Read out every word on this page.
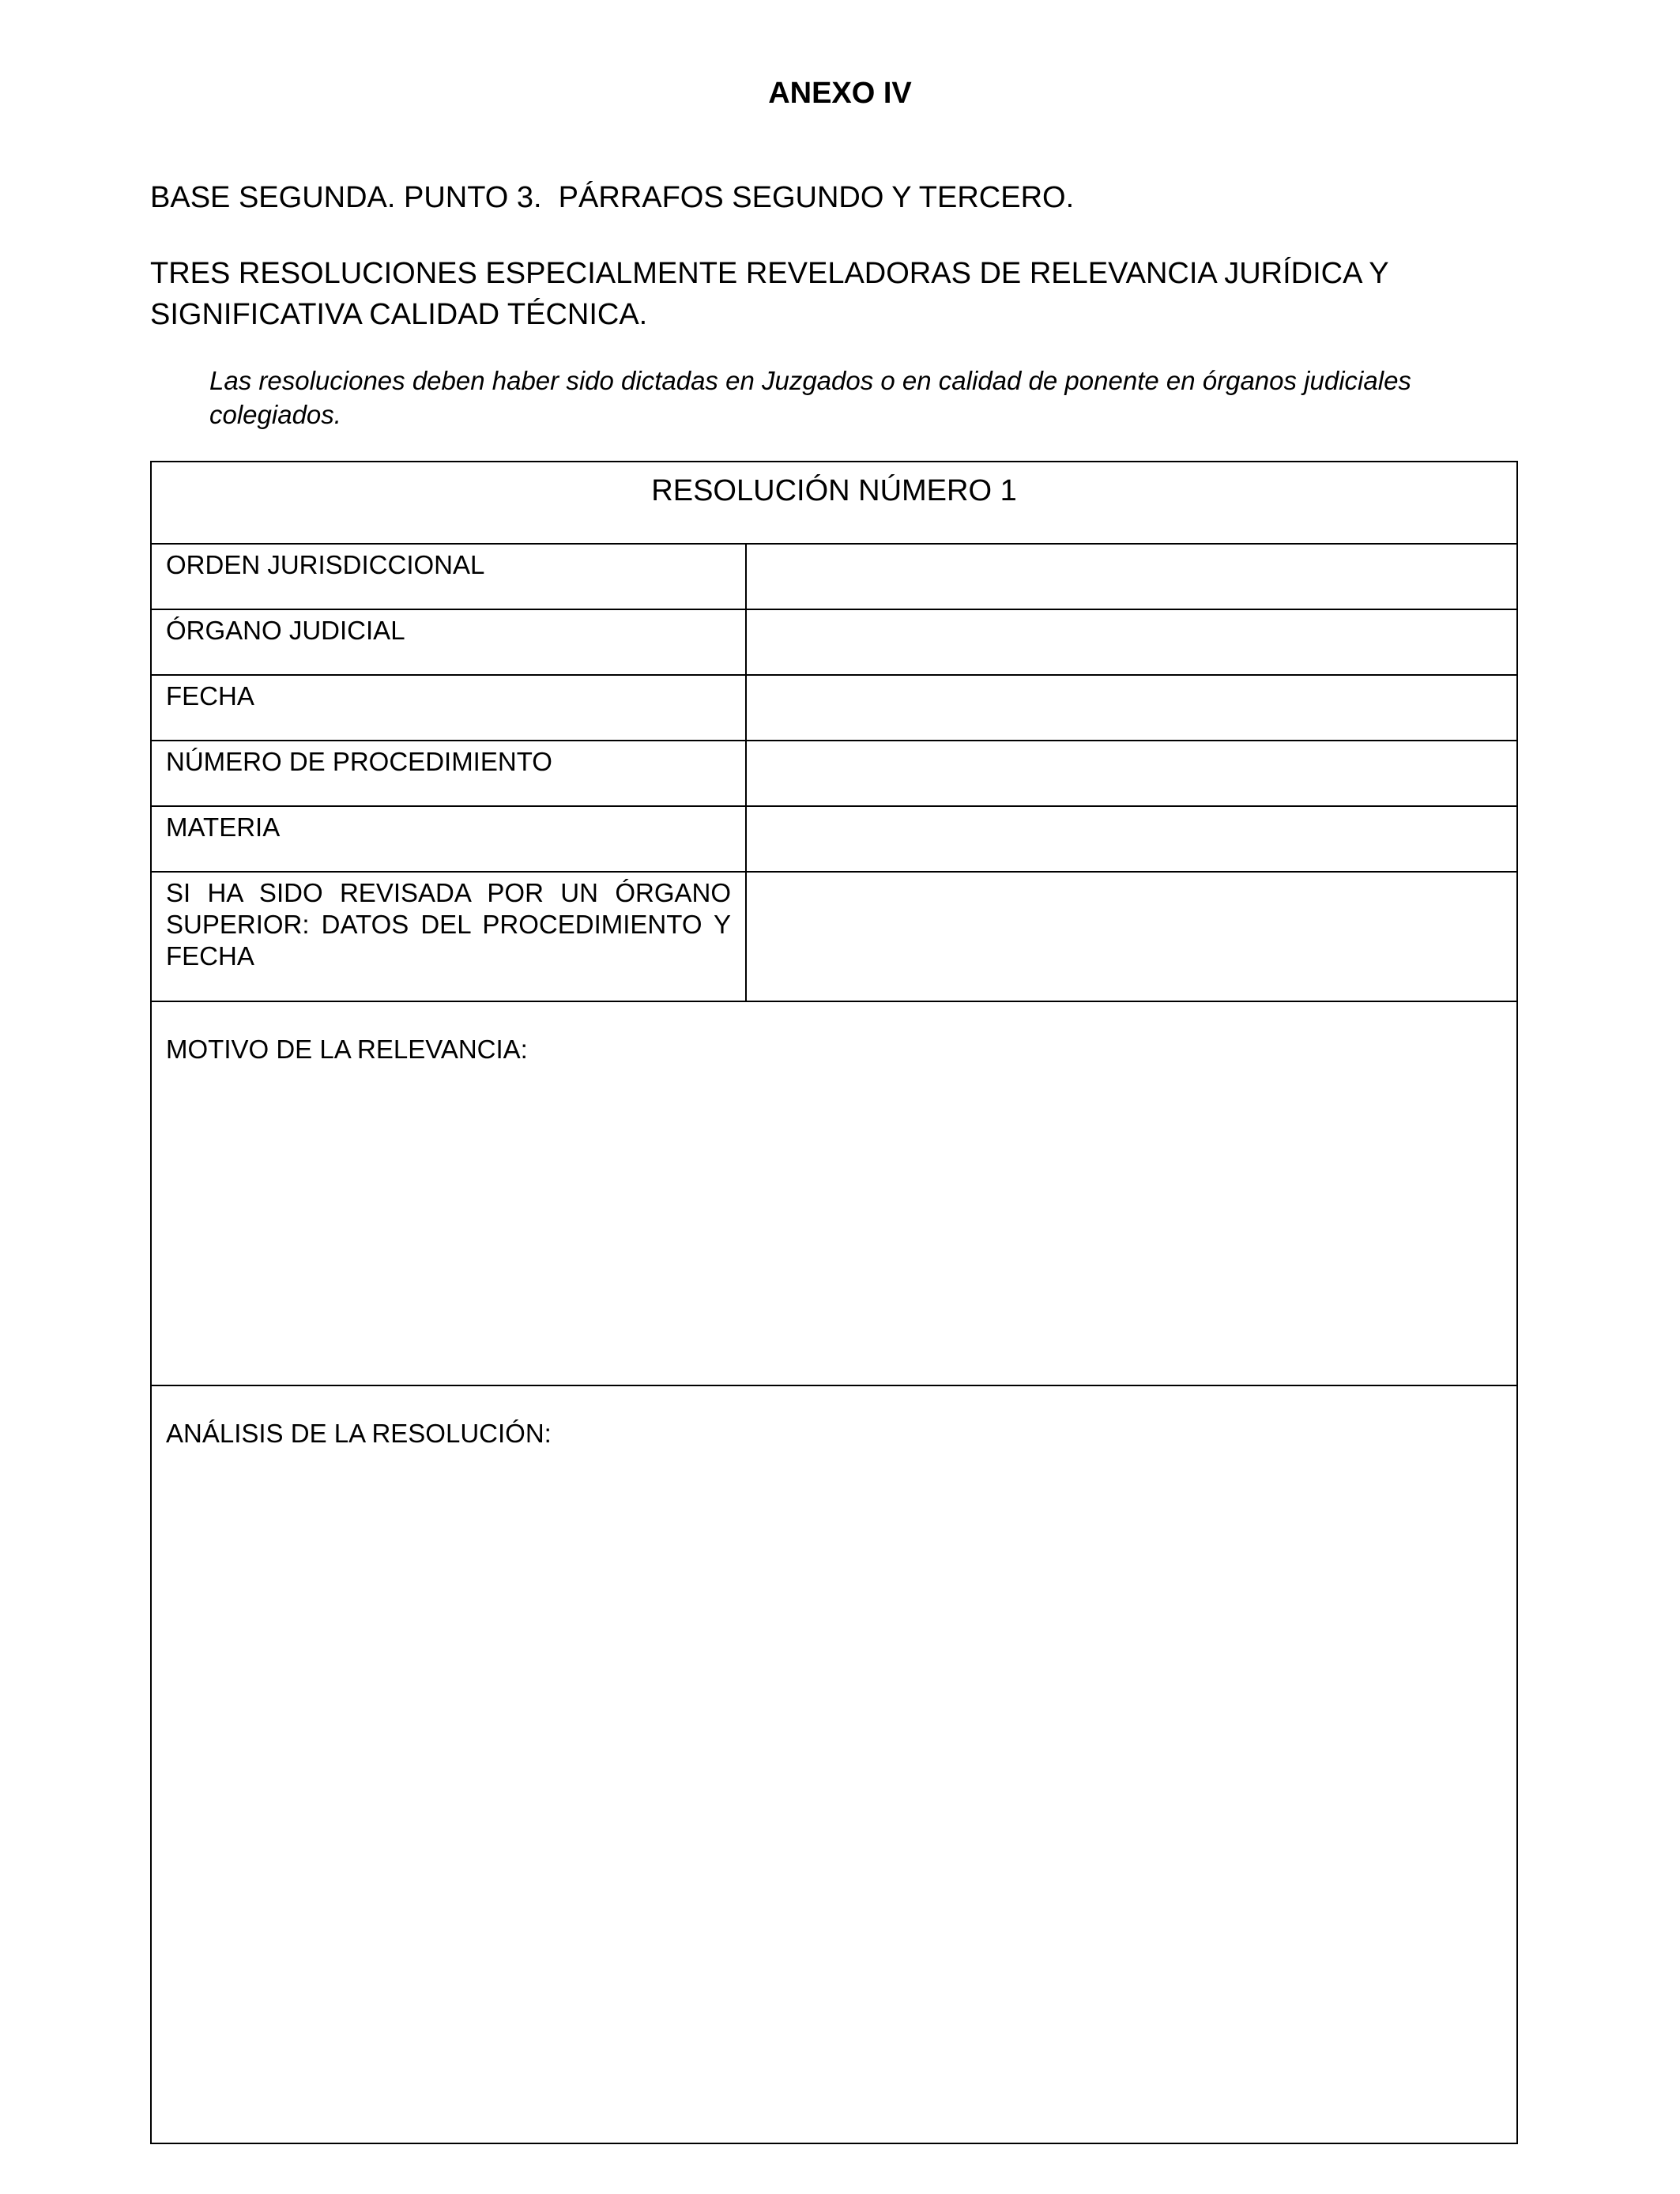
ANEXO IV
BASE SEGUNDA. PUNTO 3.  PÁRRAFOS SEGUNDO Y TERCERO.
TRES RESOLUCIONES ESPECIALMENTE REVELADORAS DE RELEVANCIA JURÍDICA Y SIGNIFICATIVA CALIDAD TÉCNICA.
Las resoluciones deben haber sido dictadas en Juzgados o en calidad de ponente en órganos judiciales colegiados.
RESOLUCIÓN NÚMERO 1	
ORDEN JURISDICCIONAL	
ÓRGANO JUDICIAL	
FECHA	
NÚMERO DE PROCEDIMIENTO	
MATERIA	
SI HA SIDO REVISADA POR UN ÓRGANO SUPERIOR: DATOS DEL PROCEDIMIENTO Y FECHA	
MOTIVO DE LA RELEVANCIA:	
ANÁLISIS DE LA RESOLUCIÓN:	
